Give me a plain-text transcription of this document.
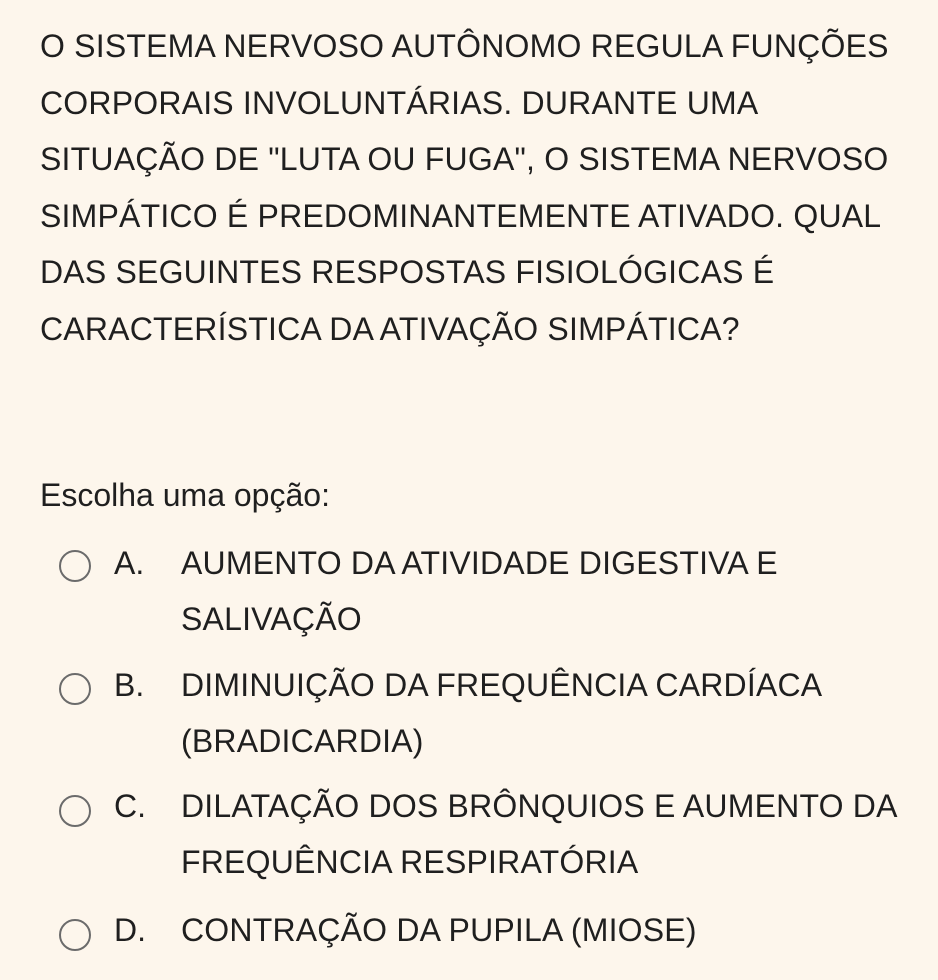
O SISTEMA NERVOSO AUTÔNOMO REGULA FUNÇÕES CORPORAIS INVOLUNTÁRIAS. DURANTE UMA SITUAÇÃO DE "LUTA OU FUGA", O SISTEMA NERVOSO SIMPÁTICO É PREDOMINANTEMENTE ATIVADO. QUAL DAS SEGUINTES RESPOSTAS FISIOLÓGICAS É CARACTERÍSTICA DA ATIVAÇÃO SIMPÁTICA?

Escolha uma opção:

A. AUMENTO DA ATIVIDADE DIGESTIVA E SALIVAÇÃO
B. DIMINUIÇÃO DA FREQUÊNCIA CARDÍACA (BRADICARDIA)
C. DILATAÇÃO DOS BRÔNQUIOS E AUMENTO DA FREQUÊNCIA RESPIRATÓRIA
D. CONTRAÇÃO DA PUPILA (MIOSE)
